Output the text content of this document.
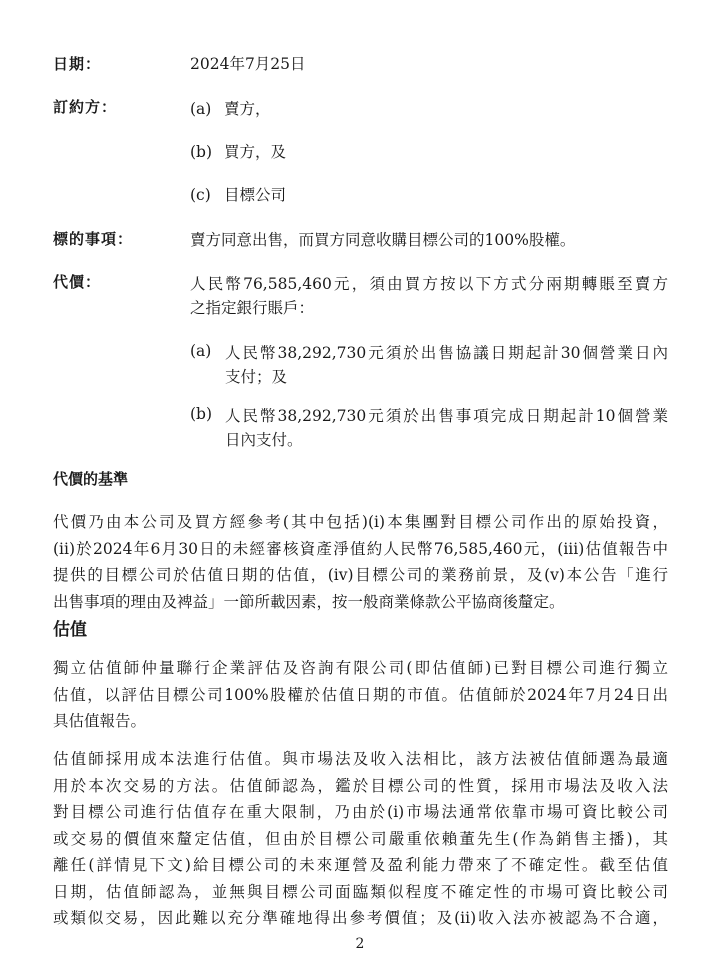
日期：	2024年7月25日
訂約方：	(a) 賣方，
(b) 買方，及
(c) 目標公司
標的事項：	賣方同意出售，而買方同意收購目標公司的100%股權。
代價：	人民幣76,585,460元，須由買方按以下方式分兩期轉賬至賣方
之指定銀行賬戶：
(a) 人民幣38,292,730元須於出售協議日期起計30個營業日內
支付；及
(b) 人民幣38,292,730元須於出售事項完成日期起計10個營業
日內支付。
代價的基準
代價乃由本公司及買方經參考(其中包括)(i)本集團對目標公司作出的原始投資，
(ii)於2024年6月30日的未經審核資產淨值約人民幣76,585,460元，(iii)估值報告中
提供的目標公司於估值日期的估值，(iv)目標公司的業務前景，及(v)本公告「進行
出售事項的理由及裨益」一節所載因素，按一般商業條款公平協商後釐定。
估值
獨立估值師仲量聯行企業評估及咨詢有限公司(即估值師)已對目標公司進行獨立
估值，以評估目標公司100%股權於估值日期的市值。估值師於2024年7月24日出
具估值報告。
估值師採用成本法進行估值。與市場法及收入法相比，該方法被估值師選為最適
用於本次交易的方法。估值師認為，鑑於目標公司的性質，採用市場法及收入法
對目標公司進行估值存在重大限制，乃由於(i)市場法通常依靠市場可資比較公司
或交易的價值來釐定估值，但由於目標公司嚴重依賴董先生(作為銷售主播)，其
離任(詳情見下文)給目標公司的未來運營及盈利能力帶來了不確定性。截至估值
日期，估值師認為，並無與目標公司面臨類似程度不確定性的市場可資比較公司
或類似交易，因此難以充分準確地得出參考價值；及(ii)收入法亦被認為不合適，
2
